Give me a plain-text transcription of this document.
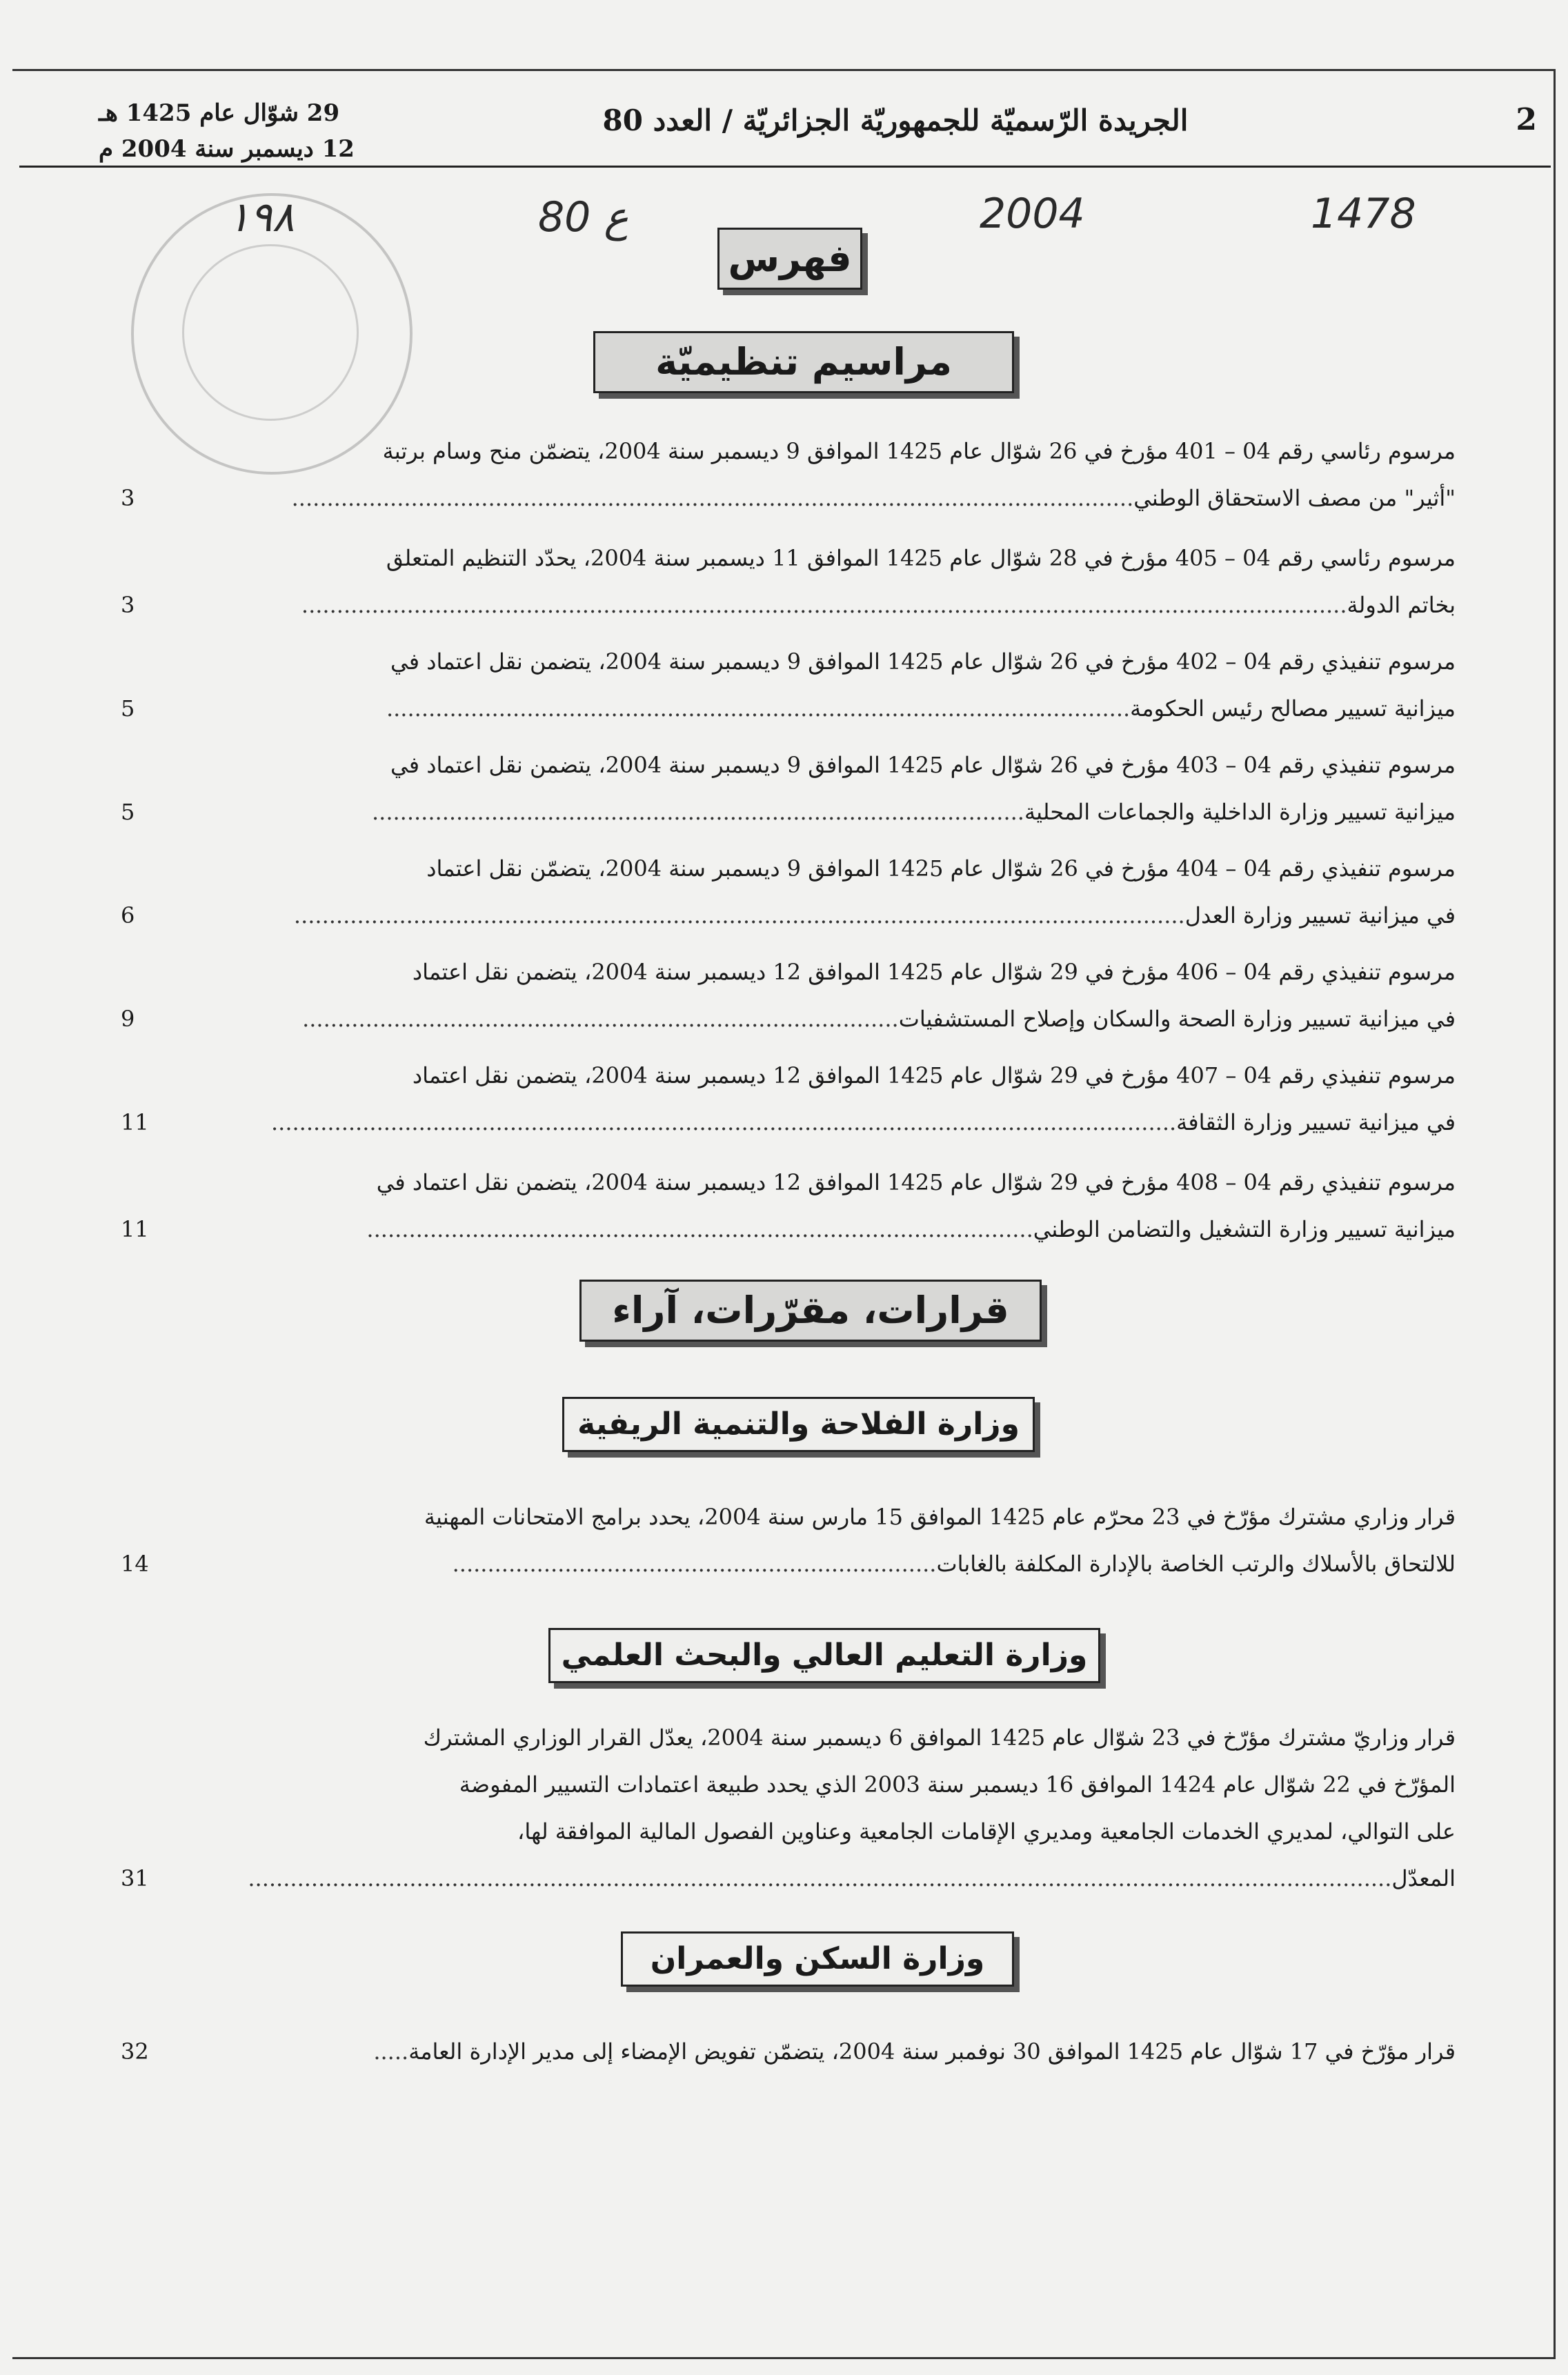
2
الجريدة الرّسميّة للجمهوريّة الجزائريّة / العدد 80
29 شوّال عام 1425 هـ
12 ديسمبر سنة 2004 م
١٩٨	80 ع	2004	1478
فهرس
مراسيم تنظيميّة
مرسوم رئاسي رقم 04 – 401 مؤرخ في 26 شوّال عام 1425 الموافق 9 ديسمبر سنة 2004، يتضمّن منح وسام برتبة
"أثير" من مصف الاستحقاق الوطني........................................................................................................................
3
مرسوم رئاسي رقم 04 – 405 مؤرخ في 28 شوّال عام 1425 الموافق 11 ديسمبر سنة 2004، يحدّد التنظيم المتعلق
بخاتم الدولة.....................................................................................................................................................
3
مرسوم تنفيذي رقم 04 – 402 مؤرخ في 26 شوّال عام 1425 الموافق 9 ديسمبر سنة 2004، يتضمن نقل اعتماد في
ميزانية تسيير مصالح رئيس الحكومة..........................................................................................................
5
مرسوم تنفيذي رقم 04 – 403 مؤرخ في 26 شوّال عام 1425 الموافق 9 ديسمبر سنة 2004، يتضمن نقل اعتماد في
ميزانية تسيير وزارة الداخلية والجماعات المحلية.............................................................................................
5
مرسوم تنفيذي رقم 04 – 404 مؤرخ في 26 شوّال عام 1425 الموافق 9 ديسمبر سنة 2004، يتضمّن نقل اعتماد
في ميزانية تسيير وزارة العدل...............................................................................................................................
6
مرسوم تنفيذي رقم 04 – 406 مؤرخ في 29 شوّال عام 1425 الموافق 12 ديسمبر سنة 2004، يتضمن نقل اعتماد
في ميزانية تسيير وزارة الصحة والسكان وإصلاح المستشفيات.....................................................................................
9
مرسوم تنفيذي رقم 04 – 407 مؤرخ في 29 شوّال عام 1425 الموافق 12 ديسمبر سنة 2004، يتضمن نقل اعتماد
في ميزانية تسيير وزارة الثقافة.................................................................................................................................
11
مرسوم تنفيذي رقم 04 – 408 مؤرخ في 29 شوّال عام 1425 الموافق 12 ديسمبر سنة 2004، يتضمن نقل اعتماد في
ميزانية تسيير وزارة التشغيل والتضامن الوطني...............................................................................................
11
قرارات، مقرّرات، آراء
وزارة الفلاحة والتنمية الريفية
قرار وزاري مشترك مؤرّخ في 23 محرّم عام 1425 الموافق 15 مارس سنة 2004، يحدد برامج الامتحانات المهنية
للالتحاق بالأسلاك والرتب الخاصة بالإدارة المكلفة بالغابات.....................................................................
14
وزارة التعليم العالي والبحث العلمي
قرار وزاريّ مشترك مؤرّخ في 23 شوّال عام 1425 الموافق 6 ديسمبر سنة 2004، يعدّل القرار الوزاري المشترك
المؤرّخ في 22 شوّال عام 1424 الموافق 16 ديسمبر سنة 2003 الذي يحدد طبيعة اعتمادات التسيير المفوضة
على التوالي، لمديري الخدمات الجامعية ومديري الإقامات الجامعية وعناوين الفصول المالية الموافقة لها،
المعدّل...................................................................................................................................................................
31
وزارة السكن والعمران
قرار مؤرّخ في 17 شوّال عام 1425 الموافق 30 نوفمبر سنة 2004، يتضمّن تفويض الإمضاء إلى مدير الإدارة العامة.....
32
